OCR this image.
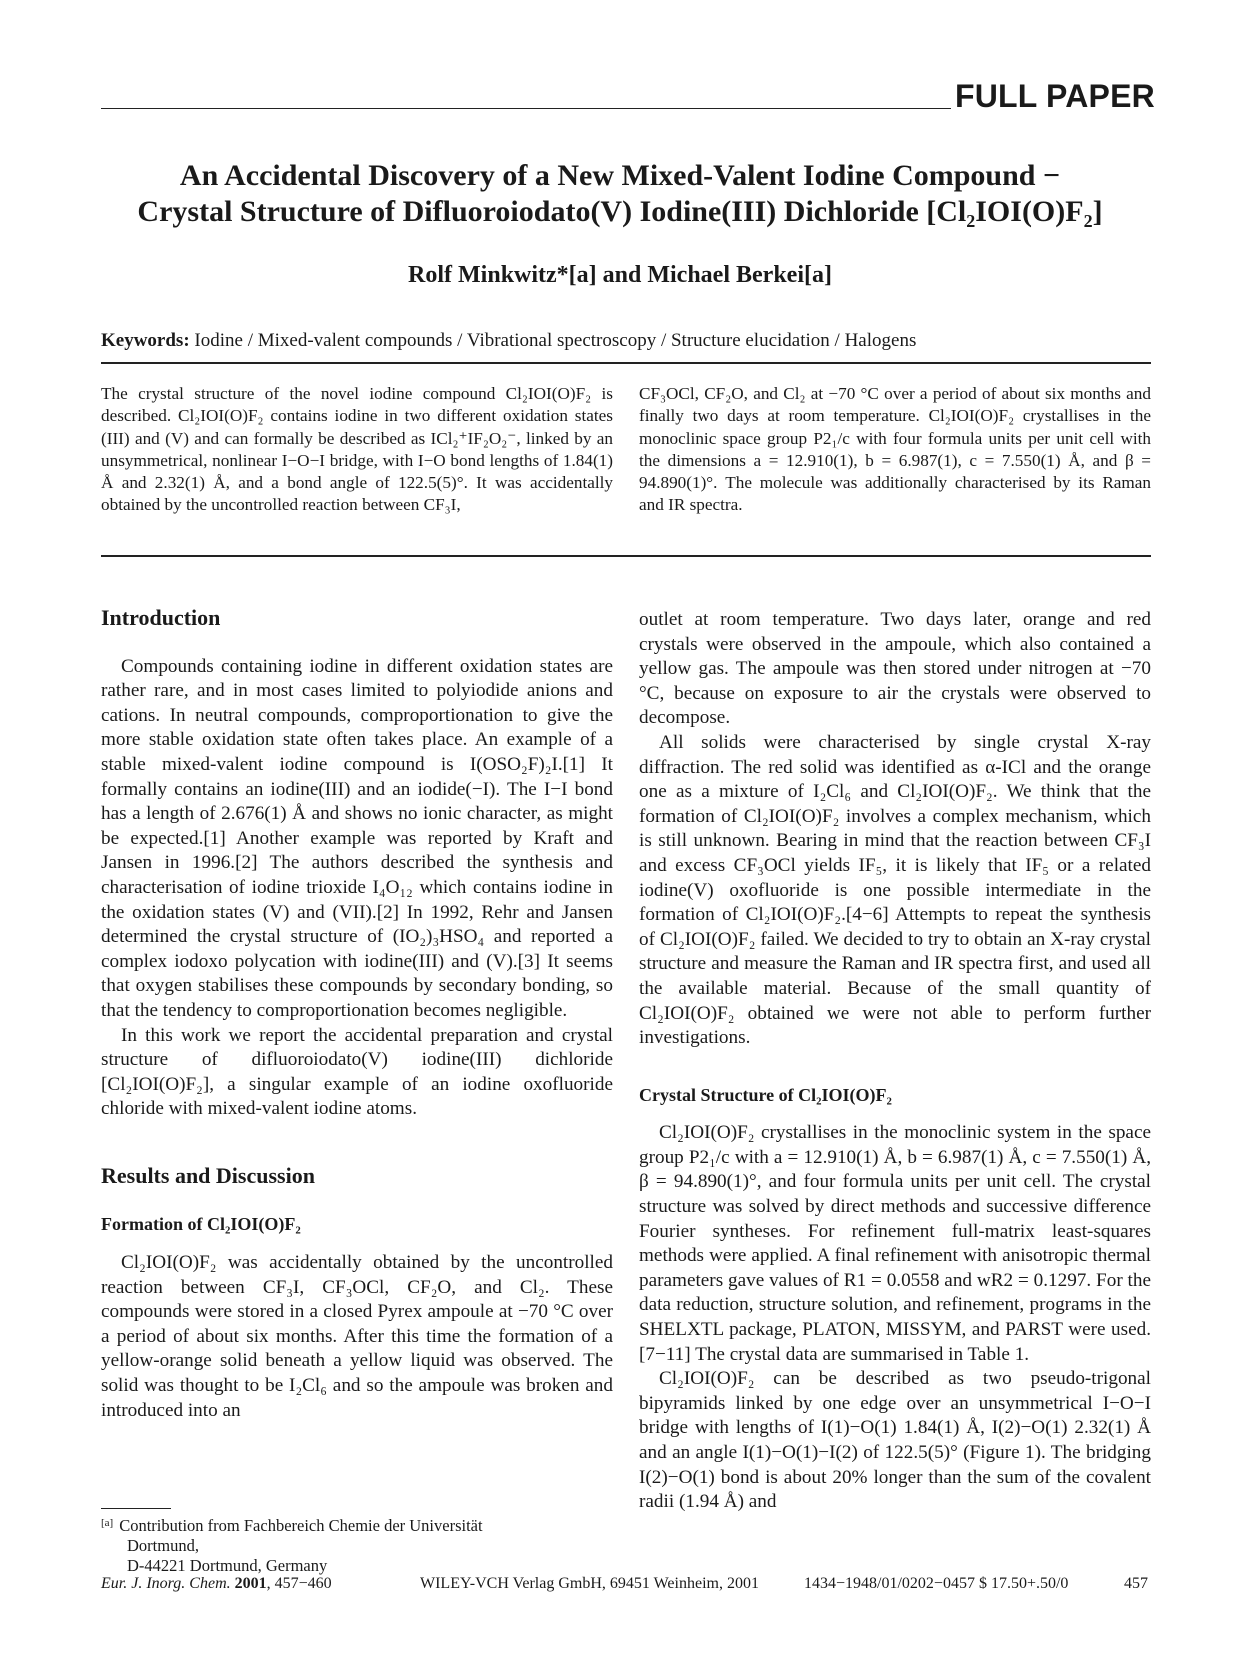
FULL PAPER
An Accidental Discovery of a New Mixed-Valent Iodine Compound −
Crystal Structure of Difluoroiodato(V) Iodine(III) Dichloride [Cl₂IOI(O)F₂]
Rolf Minkwitz*[a] and Michael Berkei[a]
Keywords: Iodine / Mixed-valent compounds / Vibrational spectroscopy / Structure elucidation / Halogens
The crystal structure of the novel iodine compound Cl₂IOI(O)F₂ is described. Cl₂IOI(O)F₂ contains iodine in two different oxidation states (III) and (V) and can formally be described as ICl₂⁺IF₂O₂⁻, linked by an unsymmetrical, nonlinear I−O−I bridge, with I−O bond lengths of 1.84(1) Å and 2.32(1) Å, and a bond angle of 122.5(5)°. It was accidentally obtained by the uncontrolled reaction between CF₃I,
CF₃OCl, CF₂O, and Cl₂ at −70 °C over a period of about six months and finally two days at room temperature. Cl₂IOI(O)F₂ crystallises in the monoclinic space group P2₁/c with four formula units per unit cell with the dimensions a = 12.910(1), b = 6.987(1), c = 7.550(1) Å, and β = 94.890(1)°. The molecule was additionally characterised by its Raman and IR spectra.
Introduction

Compounds containing iodine in different oxidation states are rather rare, and in most cases limited to polyiodide anions and cations. In neutral compounds, comproportionation to give the more stable oxidation state often takes place. An example of a stable mixed-valent iodine compound is I(OSO₂F)₂I.[1] It formally contains an iodine(III) and an iodide(−I). The I−I bond has a length of 2.676(1) Å and shows no ionic character, as might be expected.[1] Another example was reported by Kraft and Jansen in 1996.[2] The authors described the synthesis and characterisation of iodine trioxide I₄O₁₂ which contains iodine in the oxidation states (V) and (VII).[2] In 1992, Rehr and Jansen determined the crystal structure of (IO₂)₃HSO₄ and reported a complex iodoxo polycation with iodine(III) and (V).[3] It seems that oxygen stabilises these compounds by secondary bonding, so that the tendency to comproportionation becomes negligible.

In this work we report the accidental preparation and crystal structure of difluoroiodato(V) iodine(III) dichloride [Cl₂IOI(O)F₂], a singular example of an iodine oxofluoride chloride with mixed-valent iodine atoms.

Results and Discussion
Formation of Cl₂IOI(O)F₂

Cl₂IOI(O)F₂ was accidentally obtained by the uncontrolled reaction between CF₃I, CF₃OCl, CF₂O, and Cl₂. These compounds were stored in a closed Pyrex ampoule at −70 °C over a period of about six months. After this time the formation of a yellow-orange solid beneath a yellow liquid was observed. The solid was thought to be I₂Cl₆ and so the ampoule was broken and introduced into an

outlet at room temperature. Two days later, orange and red crystals were observed in the ampoule, which also contained a yellow gas. The ampoule was then stored under nitrogen at −70 °C, because on exposure to air the crystals were observed to decompose.

All solids were characterised by single crystal X-ray diffraction. The red solid was identified as α-ICl and the orange one as a mixture of I₂Cl₆ and Cl₂IOI(O)F₂. We think that the formation of Cl₂IOI(O)F₂ involves a complex mechanism, which is still unknown. Bearing in mind that the reaction between CF₃I and excess CF₃OCl yields IF₅, it is likely that IF₅ or a related iodine(V) oxofluoride is one possible intermediate in the formation of Cl₂IOI(O)F₂.[4−6] Attempts to repeat the synthesis of Cl₂IOI(O)F₂ failed. We decided to try to obtain an X-ray crystal structure and measure the Raman and IR spectra first, and used all the available material. Because of the small quantity of Cl₂IOI(O)F₂ obtained we were not able to perform further investigations.

Crystal Structure of Cl₂IOI(O)F₂

Cl₂IOI(O)F₂ crystallises in the monoclinic system in the space group P2₁/c with a = 12.910(1) Å, b = 6.987(1) Å, c = 7.550(1) Å, β = 94.890(1)°, and four formula units per unit cell. The crystal structure was solved by direct methods and successive difference Fourier syntheses. For refinement full-matrix least-squares methods were applied. A final refinement with anisotropic thermal parameters gave values of R1 = 0.0558 and wR2 = 0.1297. For the data reduction, structure solution, and refinement, programs in the SHELXTL package, PLATON, MISSYM, and PARST were used.[7−11] The crystal data are summarised in Table 1.

Cl₂IOI(O)F₂ can be described as two pseudo-trigonal bipyramids linked by one edge over an unsymmetrical I−O−I bridge with lengths of I(1)−O(1) 1.84(1) Å, I(2)−O(1) 2.32(1) Å and an angle I(1)−O(1)−I(2) of 122.5(5)° (Figure 1). The bridging I(2)−O(1) bond is about 20% longer than the sum of the covalent radii (1.94 Å) and

[a] Contribution from Fachbereich Chemie der Universität
Dortmund,
D-44221 Dortmund, Germany
Eur. J. Inorg. Chem. 2001, 457−460	WILEY-VCH Verlag GmbH, 69451 Weinheim, 2001	1434−1948/01/0202−0457 $ 17.50+.50/0	457
